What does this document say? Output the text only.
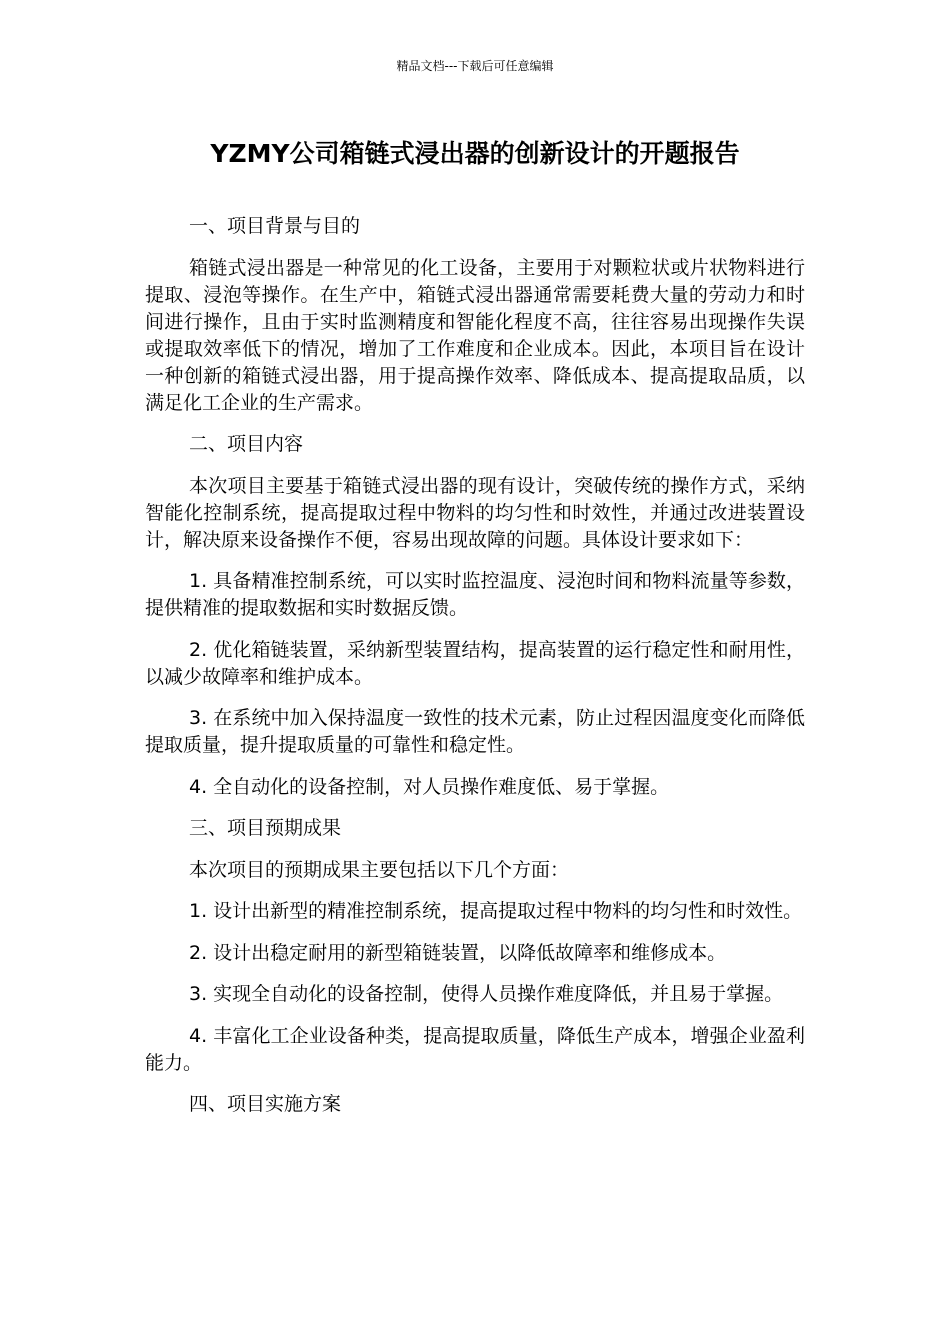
精品文档---下载后可任意编辑
YZMY公司箱链式浸出器的创新设计的开题报告

一、项目背景与目的

箱链式浸出器是一种常见的化工设备，主要用于对颗粒状或片状物料进行提取、浸泡等操作。在生产中，箱链式浸出器通常需要耗费大量的劳动力和时间进行操作，且由于实时监测精度和智能化程度不高，往往容易出现操作失误或提取效率低下的情况，增加了工作难度和企业成本。因此，本项目旨在设计一种创新的箱链式浸出器，用于提高操作效率、降低成本、提高提取品质，以满足化工企业的生产需求。

二、项目内容

本次项目主要基于箱链式浸出器的现有设计，突破传统的操作方式，采纳智能化控制系统，提高提取过程中物料的均匀性和时效性，并通过改进装置设计，解决原来设备操作不便，容易出现故障的问题。具体设计要求如下：

1. 具备精准控制系统，可以实时监控温度、浸泡时间和物料流量等参数，提供精准的提取数据和实时数据反馈。

2. 优化箱链装置，采纳新型装置结构，提高装置的运行稳定性和耐用性，以减少故障率和维护成本。

3. 在系统中加入保持温度一致性的技术元素，防止过程因温度变化而降低提取质量，提升提取质量的可靠性和稳定性。

4. 全自动化的设备控制，对人员操作难度低、易于掌握。

三、项目预期成果

本次项目的预期成果主要包括以下几个方面：

1. 设计出新型的精准控制系统，提高提取过程中物料的均匀性和时效性。

2. 设计出稳定耐用的新型箱链装置，以降低故障率和维修成本。

3. 实现全自动化的设备控制，使得人员操作难度降低，并且易于掌握。

4. 丰富化工企业设备种类，提高提取质量，降低生产成本，增强企业盈利能力。

四、项目实施方案
